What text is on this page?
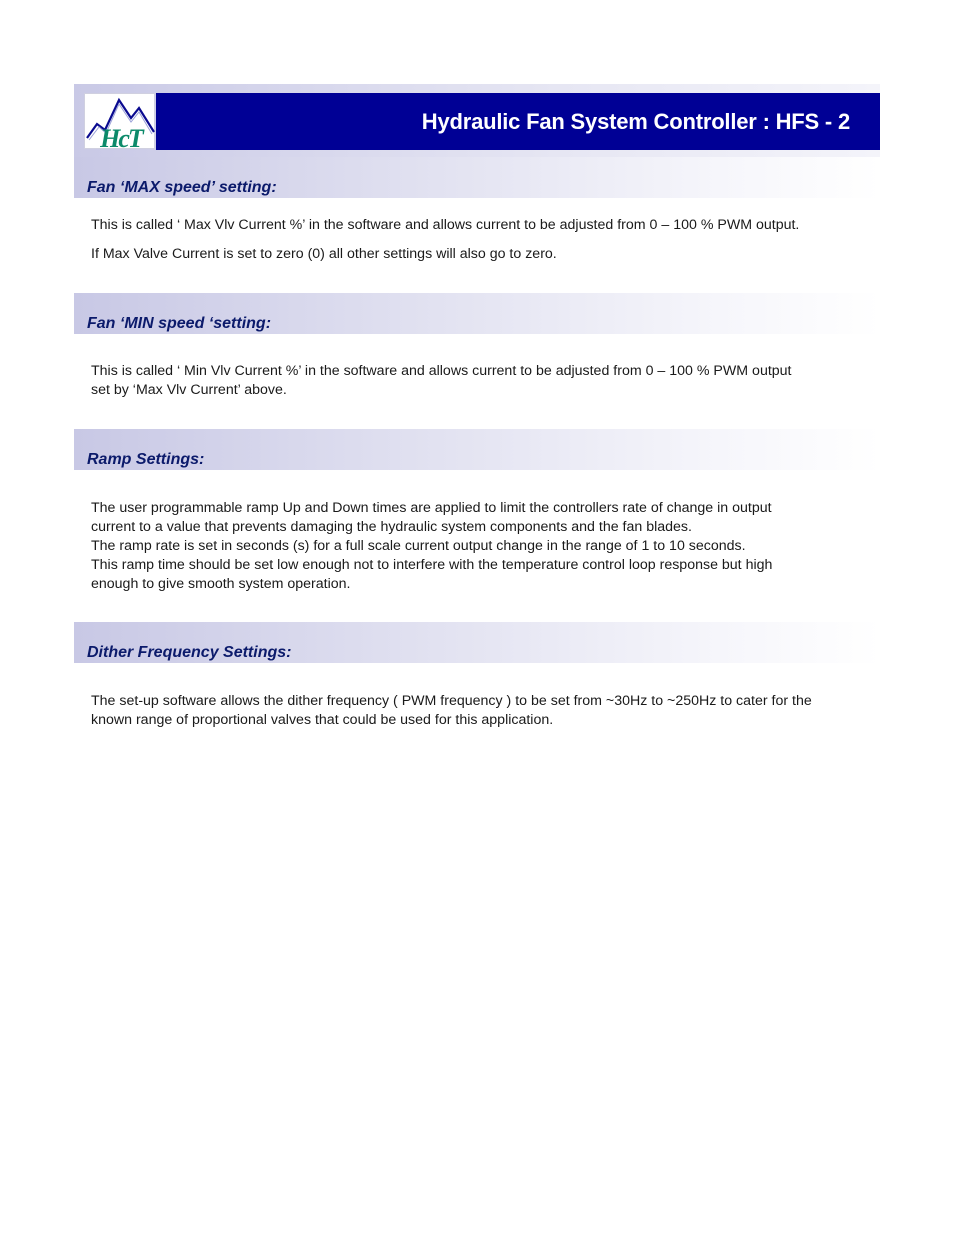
HcT
Hydraulic Fan System Controller : HFS - 2
Fan ‘MAX speed’ setting:

This is called ‘ Max Vlv Current %’ in the software and allows current to be adjusted from 0 – 100 % PWM output.

If Max Valve Current is set to zero (0) all other settings will also go to zero.

Fan ‘MIN speed ‘setting:
This is called ‘ Min Vlv Current %’ in the software and allows current to be adjusted from 0 – 100 % PWM output
set by ‘Max Vlv Current’ above.
Ramp Settings:
The user programmable ramp Up and Down times are applied to limit the controllers rate of change in output
current to a value that prevents damaging the hydraulic system components and the fan blades.
The ramp rate is set in seconds (s) for a full scale current output change in the range of 1 to 10 seconds.
This ramp time should be set low enough not to interfere with the temperature control loop response but high
enough to give smooth system operation.
Dither Frequency Settings:
The set-up software allows the dither frequency ( PWM frequency ) to be set from ~30Hz to ~250Hz to cater for the
known range of proportional valves that could be used for this application.
